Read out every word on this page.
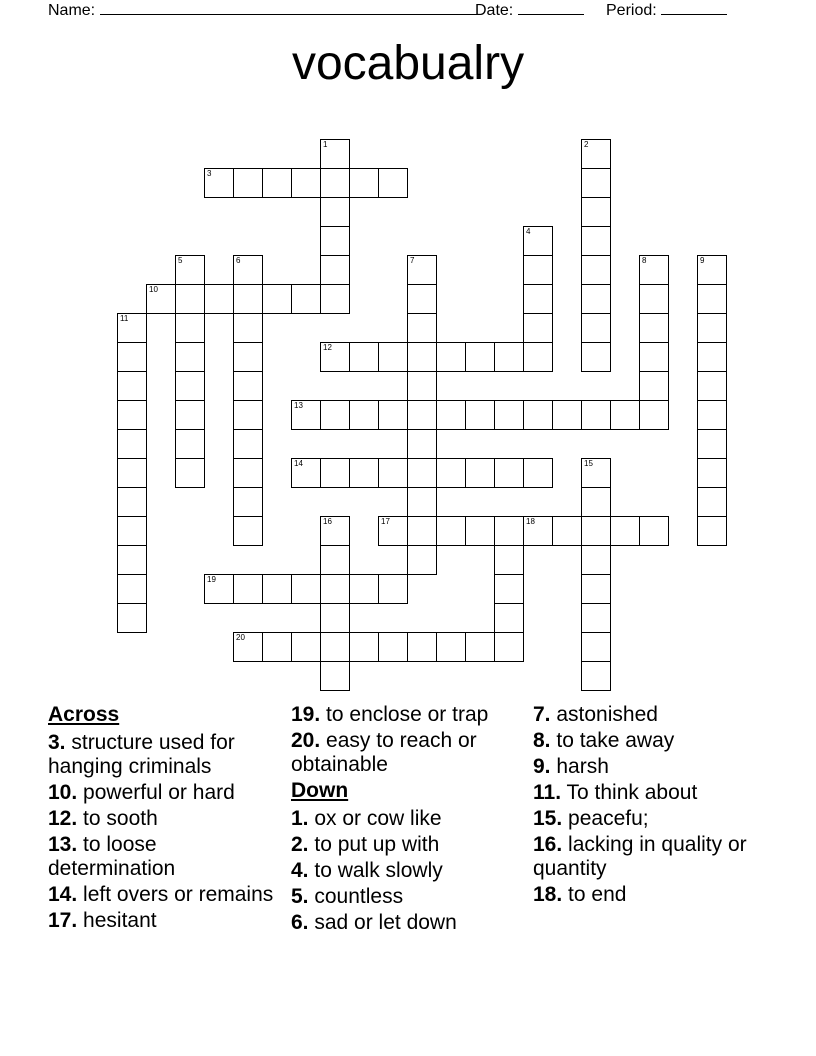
Name:	Date:	Period:
vocabualry
1	2
3
4
5	6	7	8	9
10
11
12
13
14	15
16	17	18
19
20
Across
3. structure used for hanging criminals
10. powerful or hard
12. to sooth
13. to loose determination
14. left overs or remains
17. hesitant
19. to enclose or trap
20. easy to reach or obtainable
Down
1. ox or cow like
2. to put up with
4. to walk slowly
5. countless
6. sad or let down
7. astonished
8. to take away
9. harsh
11. To think about
15. peacefu;
16. lacking in quality or quantity
18. to end
